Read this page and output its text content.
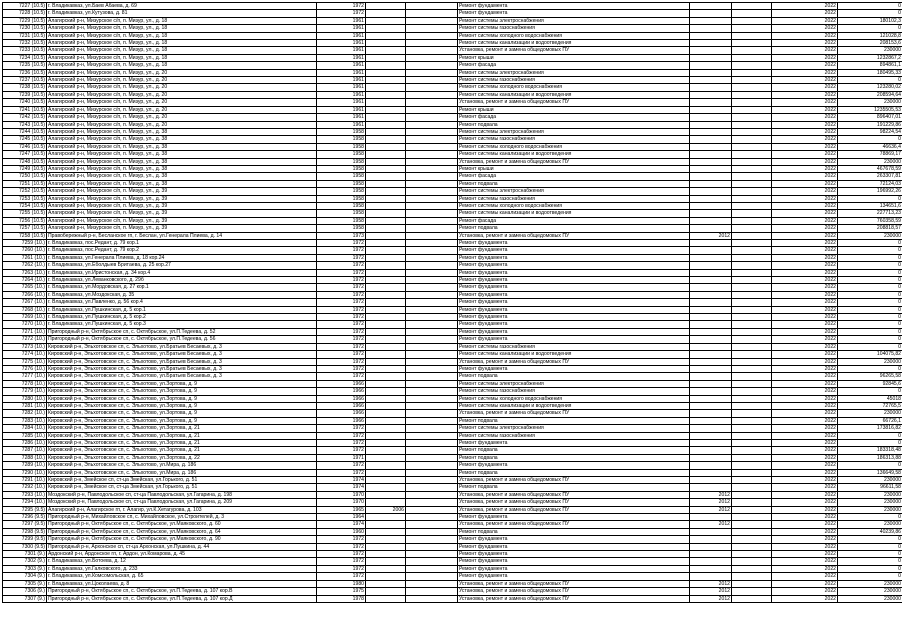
7227 (10.5)	г. Владикавказ, ул.Баев Абаева, д. 69	1972			Ремонт фундамента			2022	0
7228 (10.5)	г. Владикавказ, ул.Кутузова, д. 81	1972			Ремонт фундамента			2022	0
7229 (10.5)	Алагирский р-н, Мизурское с/п, п. Мизур, ул., д. 18	1961			Ремонт системы электроснабжения			2022	180102,3
7230 (10.5)	Алагирский р-н, Мизурское с/п, п. Мизур, ул., д. 18	1961			Ремонт системы газоснабжения			2022	0
7231 (10.5)	Алагирский р-н, Мизурское с/п, п. Мизур, ул., д. 18	1961			Ремонт системы холодного водоснабжения			2022	121028,8
7232 (10.5)	Алагирский р-н, Мизурское с/п, п. Мизур, ул., д. 18	1961			Ремонт системы канализации и водоотведения			2022	208153,6
7233 (10.5)	Алагирский р-н, Мизурское с/п, п. Мизур, ул., д. 18	1961			Установка, ремонт и замена общедомовых ПУ			2022	230000
7234 (10.5)	Алагирский р-н, Мизурское с/п, п. Мизур, ул., д. 18	1961			Ремонт крыши			2022	1232867,2
7235 (10.5)	Алагирский р-н, Мизурское с/п, п. Мизур, ул., д. 18	1961			Ремонт фасада			2022	894861,1
7236 (10.5)	Алагирский р-н, Мизурское с/п, п. Мизур, ул., д. 20	1961			Ремонт системы электроснабжения			2022	180495,33
7237 (10.5)	Алагирский р-н, Мизурское с/п, п. Мизур, ул., д. 20	1961			Ремонт системы газоснабжения			2022	0
7238 (10.5)	Алагирский р-н, Мизурское с/п, п. Мизур, ул., д. 20	1961			Ремонт системы холодного водоснабжения			2022	123280,02
7239 (10.5)	Алагирский р-н, Мизурское с/п, п. Мизур, ул., д. 20	1961			Ремонт системы канализации и водоотведения			2022	208594,64
7240 (10.5)	Алагирский р-н, Мизурское с/п, п. Мизур, ул., д. 20	1961			Установка, ремонт и замена общедомовых ПУ			2022	230000
7241 (10.5)	Алагирский р-н, Мизурское с/п, п. Мизур, ул., д. 20	1961			Ремонт крыши			2022	1235505,53
7242 (10.5)	Алагирский р-н, Мизурское с/п, п. Мизур, ул., д. 20	1961			Ремонт фасада			2022	896407,01
7243 (10.5)	Алагирский р-н, Мизурское с/п, п. Мизур, ул., д. 20	1961			Ремонт подвала			2022	191229,86
7244 (10.5)	Алагирский р-н, Мизурское с/п, п. Мизур, ул., д. 38	1958			Ремонт системы электроснабжения			2022	98224,54
7245 (10.5)	Алагирский р-н, Мизурское с/п, п. Мизур, ул., д. 38	1958			Ремонт системы газоснабжения			2022	0
7246 (10.5)	Алагирский р-н, Мизурское с/п, п. Мизур, ул., д. 38	1958			Ремонт системы холодного водоснабжения			2022	46636,4
7247 (10.5)	Алагирский р-н, Мизурское с/п, п. Мизур, ул., д. 38	1958			Ремонт системы канализации и водоотведения			2022	78869,17
7248 (10.5)	Алагирский р-н, Мизурское с/п, п. Мизур, ул., д. 38	1958			Установка, ремонт и замена общедомовых ПУ			2022	230000
7249 (10.5)	Алагирский р-н, Мизурское с/п, п. Мизур, ул., д. 38	1958			Ремонт крыши			2022	467678,59
7250 (10.5)	Алагирский р-н, Мизурское с/п, п. Мизур, ул., д. 38	1958			Ремонт фасада			2022	263307,81
7251 (10.5)	Алагирский р-н, Мизурское с/п, п. Мизур, ул., д. 38	1958			Ремонт подвала			2022	72124,03
7252 (10.5)	Алагирский р-н, Мизурское с/п, п. Мизур, ул., д. 39	1958			Ремонт системы электроснабжения			2022	196992,26
7253 (10.5)	Алагирский р-н, Мизурское с/п, п. Мизур, ул., д. 39	1958			Ремонт системы газоснабжения			2022	0
7254 (10.5)	Алагирский р-н, Мизурское с/п, п. Мизур, ул., д. 39	1958			Ремонт системы холодного водоснабжения			2022	134651,6
7255 (10.5)	Алагирский р-н, Мизурское с/п, п. Мизур, ул., д. 39	1958			Ремонт системы канализации и водоотведения			2022	227713,23
7256 (10.5)	Алагирский р-н, Мизурское с/п, п. Мизур, ул., д. 39	1958			Ремонт фасада			2022	760358,59
7257 (10.5)	Алагирский р-н, Мизурское с/п, п. Мизур, ул., д. 39	1958			Ремонт подвала			2022	208818,57
7258 (10.5)	Правобережный р-н, Бесланское гп, г. Беслан, ул.Генерала Плиева, д. 14	1973			Установка, ремонт и замена общедомовых ПУ	2012		2022	230000
7259 (10.)	г. Владикавказ, пос.Редант, д. 79 кор.1	1972			Ремонт фундамента			2022	0
7260 (10.)	г. Владикавказ, пос.Редант, д. 79 кор.2	1972			Ремонт фундамента			2022	0
7261 (10.)	г. Владикавказ, ул.Генерала Плиева, д. 18 кор.24	1972			Ремонт фундамента			2022	0
7262 (10.)	г. Владикавказ, ул.Еболдыев Бритаева, д. 25 кор.27	1972			Ремонт фундамента			2022	0
7263 (10.)	г. Владикавказ, ул.Иристонская, д. 34 кор.4	1972			Ремонт фундамента			2022	0
7264 (10.)	г. Владикавказ, ул.Леванковского, д. 29б	1972			Ремонт фундамента			2022	0
7265 (10.)	г. Владикавказ, ул.Мордовская, д. 27 кор.1	1972			Ремонт фундамента			2022	0
7266 (10.)	г. Владикавказ, ул.Моздокская, д. 35	1972			Ремонт фундамента			2022	0
7267 (10.)	г. Владикавказ, ул.Павленко, д. 56 кор.4	1972			Ремонт фундамента			2022	0
7268 (10.)	г. Владикавказ, ул.Пушкинская, д. 5 кор.1	1972			Ремонт фундамента			2022	0
7269 (10.)	г. Владикавказ, ул.Пушкинская, д. 5 кор.2	1972			Ремонт фундамента			2022	0
7270 (10.)	г. Владикавказ, ул.Пушкинская, д. 5 кор.3	1972			Ремонт фундамента			2022	0
7271 (10.)	Пригородный р-н, Октябрьское сп, с. Октябрьское, ул.П.Тедеева, д. 52	1972			Ремонт фундамента			2022	0
7272 (10.)	Пригородный р-н, Октябрьское сп, с. Октябрьское, ул.П.Тедеева, д. 56	1972			Ремонт фундамента			2022	0
7273 (10.)	Кировский р-н, Эльхотовское сп, с. Эльхотово, ул.Братьев Бесаевых, д. 3	1972			Ремонт системы газоснабжения			2022	0
7274 (10.)	Кировский р-н, Эльхотовское сп, с. Эльхотово, ул.Братьев Бесаевых, д. 3	1972			Ремонт системы канализации и водоотведения			2022	104075,82
7275 (10.)	Кировский р-н, Эльхотовское сп, с. Эльхотово, ул.Братьев Бесаевых, д. 3	1972			Установка, ремонт и замена общедомовых ПУ			2022	230000
7276 (10.)	Кировский р-н, Эльхотовское сп, с. Эльхотово, ул.Братьев Бесаевых, д. 3	1972			Ремонт фундамента			2022	0
7277 (10.)	Кировский р-н, Эльхотовское сп, с. Эльхотово, ул.Братьев Бесаевых, д. 3	1972			Ремонт подвала			2022	96265,58
7278 (10.)	Кировский р-н, Эльхотовское сп, с. Эльхотово, ул.Зортова, д. 9	1966			Ремонт системы электроснабжения			2022	92845,6
7279 (10.)	Кировский р-н, Эльхотовское сп, с. Эльхотово, ул.Зортова, д. 9	1966			Ремонт системы газоснабжения			2022	0
7280 (10.)	Кировский р-н, Эльхотовское сп, с. Эльхотово, ул.Зортова, д. 9	1966			Ремонт системы холодного водоснабжения			2022	45018
7281 (10.)	Кировский р-н, Эльхотовское сп, с. Эльхотово, ул.Зортова, д. 9	1966			Ремонт системы канализации и водоотведения			2022	72765,5
7282 (10.)	Кировский р-н, Эльхотовское сп, с. Эльхотово, ул.Зортова, д. 9	1966			Установка, ремонт и замена общедомовых ПУ			2022	230000
7283 (10.)	Кировский р-н, Эльхотовское сп, с. Эльхотово, ул.Зортова, д. 9	1966			Ремонт подвала			2022	66726,1
7284 (10.)	Кировский р-н, Эльхотовское сп, с. Эльхотово, ул.Зортова, д. 21	1972			Ремонт системы электроснабжения			2022	173816,82
7285 (10.)	Кировский р-н, Эльхотовское сп, с. Эльхотово, ул.Зортова, д. 21	1972			Ремонт системы газоснабжения			2022	0
7286 (10.)	Кировский р-н, Эльхотовское сп, с. Эльхотово, ул.Зортова, д. 21	1972			Ремонт фундамента			2022	0
7287 (10.)	Кировский р-н, Эльхотовское сп, с. Эльхотово, ул.Зортова, д. 21	1972			Ремонт подвала			2022	183318,48
7288 (10.)	Кировский р-н, Эльхотовское сп, с. Эльхотово, ул.Зортова, д. 22	1971			Ремонт подвала			2022	186313,88
7289 (10.)	Кировский р-н, Эльхотовское сп, с. Эльхотово, ул.Мира, д. 186	1972			Ремонт фундамента			2022	0
7290 (10.)	Кировский р-н, Эльхотовское сп, с. Эльхотово, ул.Мира, д. 186	1972			Ремонт подвала			2022	136649,58
7291 (10.)	Кировский р-н, Змейское сп, ст-ца Змейская, ул.Горького, д. 51	1974			Установка, ремонт и замена общедомовых ПУ			2022	230000
7292 (10.)	Кировский р-н, Змейское сп, ст-ца Змейская, ул.Горького, д. 51	1974			Ремонт подвала			2022	96611,58
7293 (10.)	Моздокский р-н, Павлодольское сп, ст-ца Павлодольская, ул.Гагарина, д. 198	1970			Установка, ремонт и замена общедомовых ПУ	2012		2022	230000
7294 (10.)	Моздокский р-н, Павлодольское сп, ст-ца Павлодольская, ул.Гагарина, д. 209	1970			Установка, ремонт и замена общедомовых ПУ	2012		2022	230000
7295 (9.5)	Алагирский р-н, Алагирское гп, г. Алагир, ул.К.Хетагурова, д. 103	1965	2006		Установка, ремонт и замена общедомовых ПУ	2012		2022	230000
7296 (9.5)	Пригородный р-н, Михайловское сп, с. Михайловское, ул.Строителей, д. 3	1964			Ремонт фундамента			2022	0
7297 (9.5)	Пригородный р-н, Октябрьское сп, с. Октябрьское, ул.Маяковского, д. 60	1974			Установка, ремонт и замена общедомовых ПУ	2012		2022	230000
7298 (9.5)	Пригородный р-н, Октябрьское сп, с. Октябрьское, ул.Маяковского, д. 64	1960			Ремонт подвала			2022	40239,86
7299 (9.5)	Пригородный р-н, Октябрьское сп, с. Октябрьское, ул.Маяковского, д. 90	1972			Ремонт фундамента			2022	0
7300 (9.5)	Пригородный р-н, Архонское сп, ст-ца Архонская, ул.Пушкина, д. 44	1972			Ремонт фундамента			2022	0
7301 (9.)	Ардонский р-н, Ардонское гп, г. Ардон, ул.Комарова, д. 45	1972			Ремонт фундамента			2022	0
7302 (9.)	г. Владикавказ, ул.Ботоева, д. 12	1972			Ремонт фундамента			2022	0
7303 (9.)	г. Владикавказ, ул.Галковского, д. 233	1972			Ремонт фундамента			2022	0
7304 (9.)	г. Владикавказ, ул.Комсомольская, д. 65	1972			Ремонт фундамента			2022	0
7305 (9.)	г. Владикавказ, ул.Цоколаева, д. 8	1980			Установка, ремонт и замена общедомовых ПУ	2012		2022	230000
7306 (9.)	Пригородный р-н, Октябрьское сп, с. Октябрьское, ул.П.Тедеева, д. 107 кор.В	1975			Установка, ремонт и замена общедомовых ПУ	2012		2022	230000
7307 (9.)	Пригородный р-н, Октябрьское сп, с. Октябрьское, ул.П.Тедеева, д. 107 кор.Д	1978			Установка, ремонт и замена общедомовых ПУ	2012		2022	230000
